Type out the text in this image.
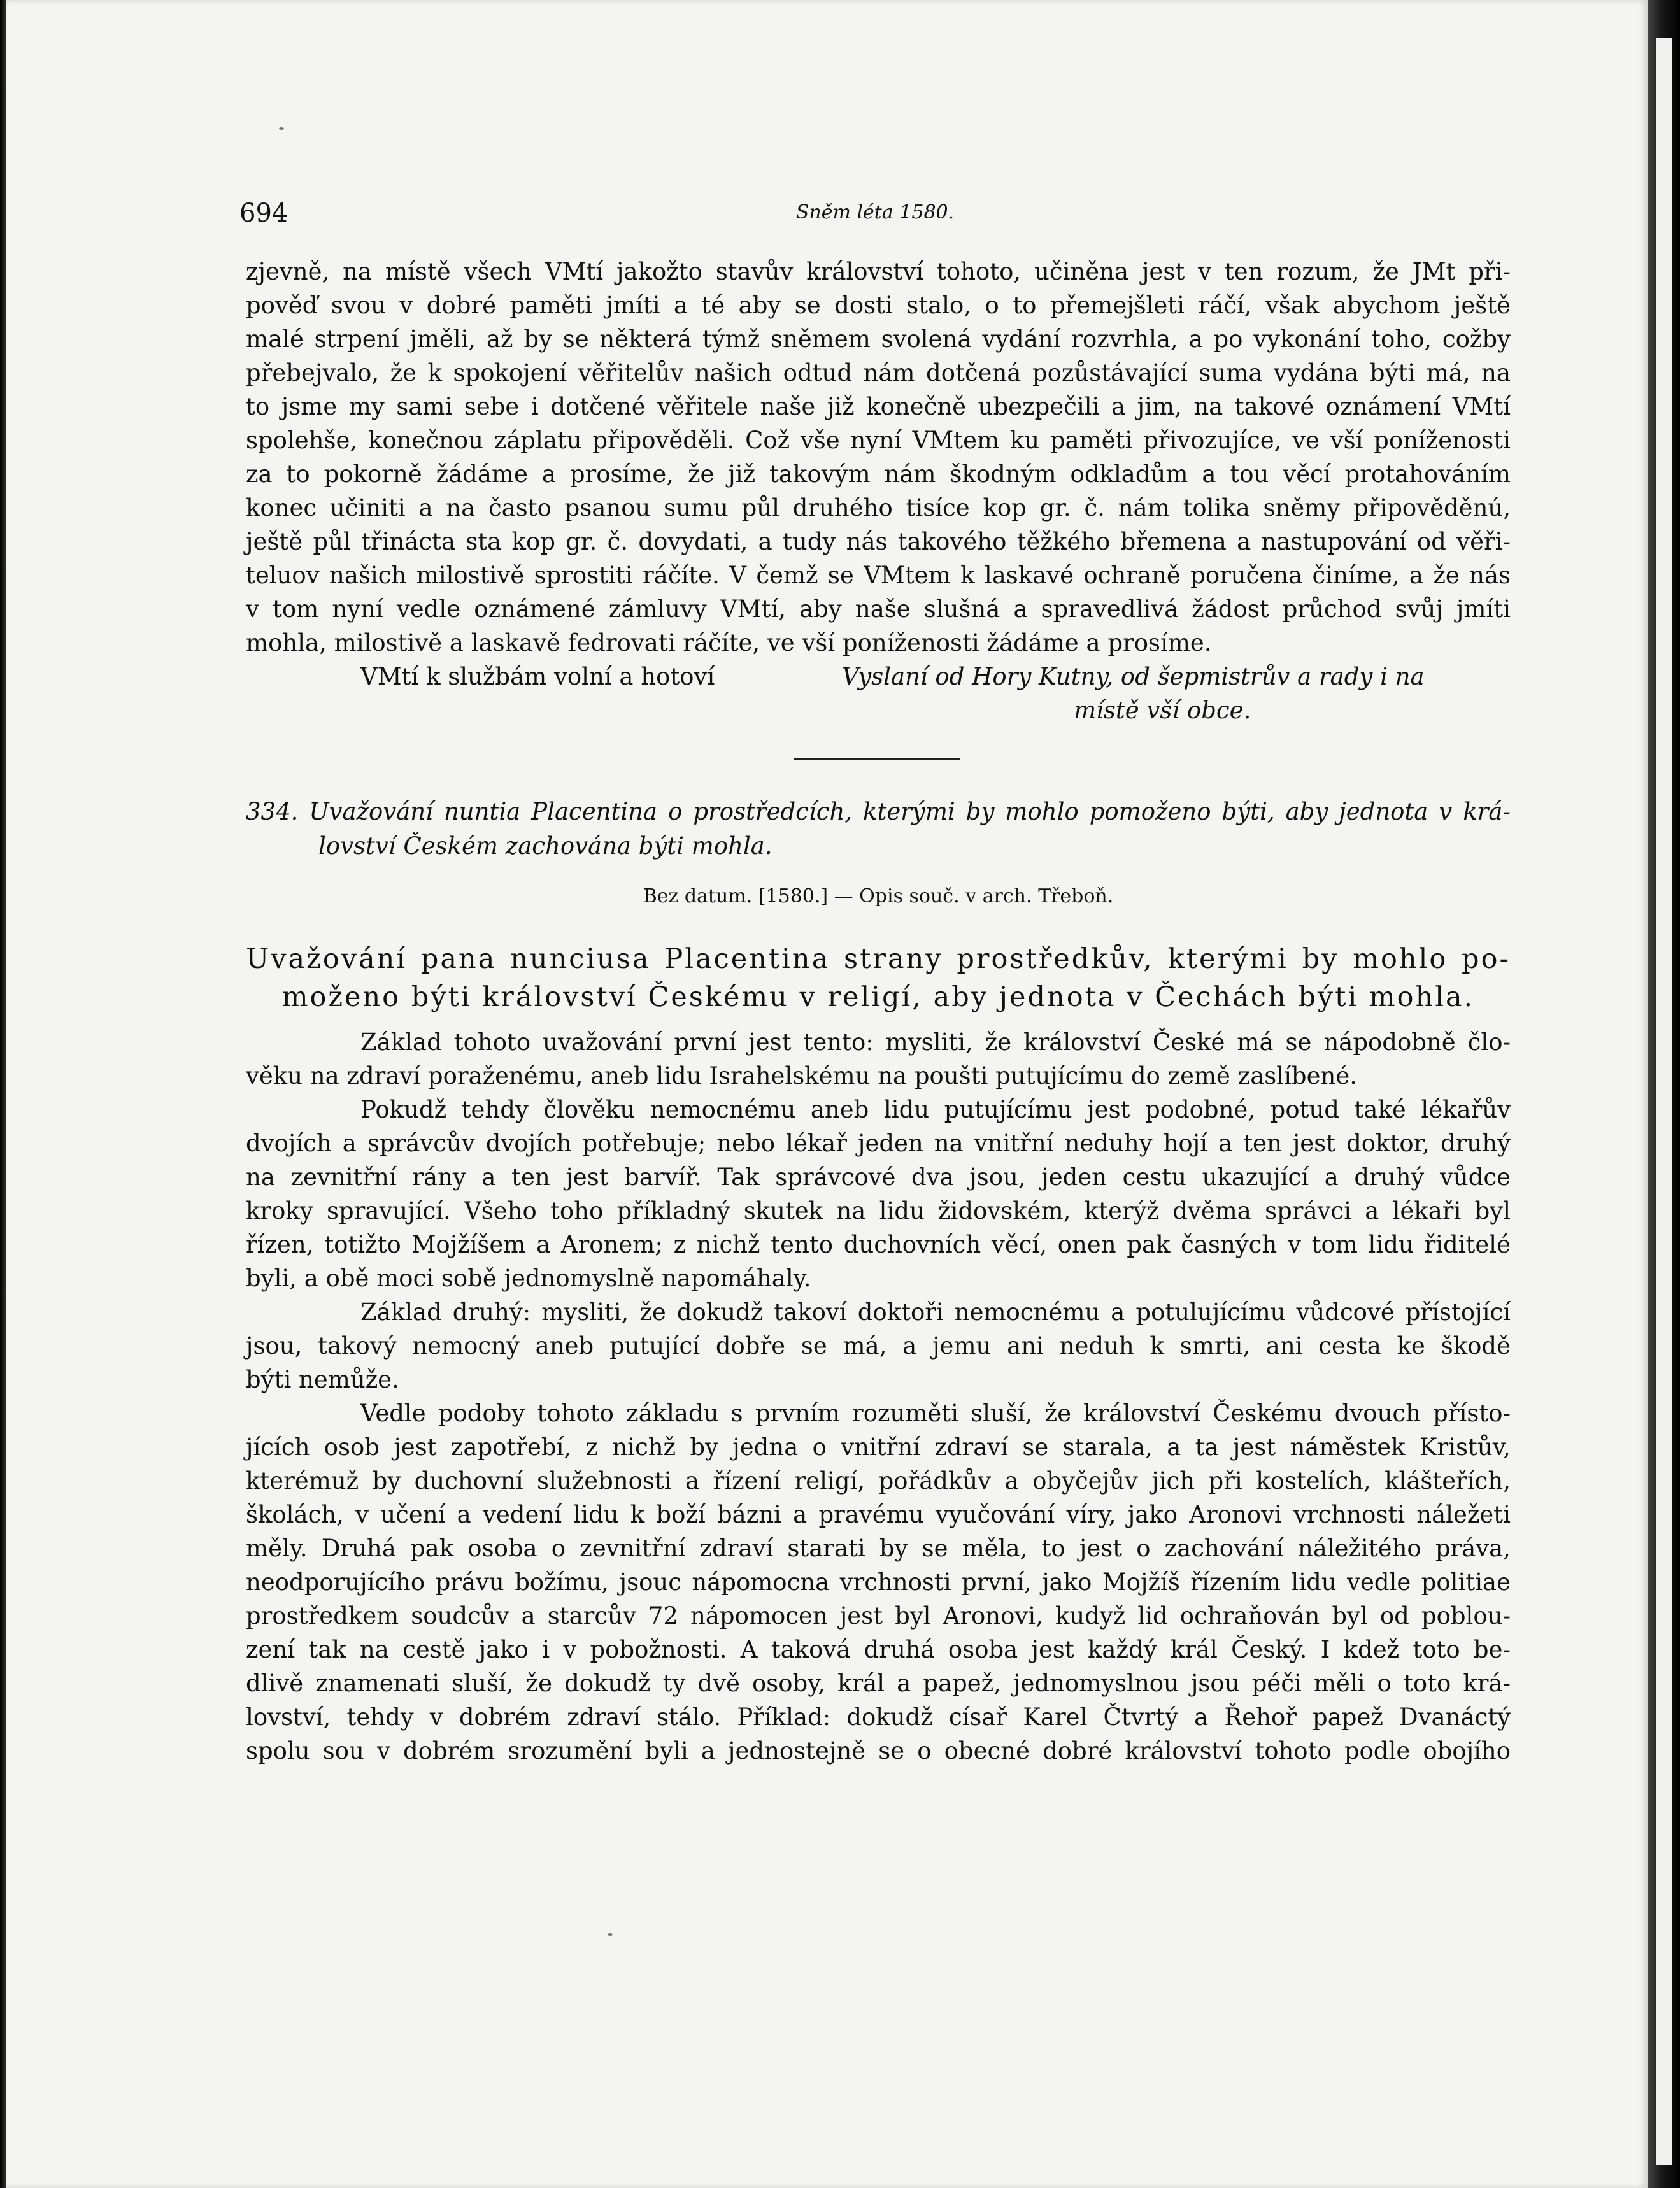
694	Sněm léta 1580.
zjevně, na místě všech VMtí jakožto stavův království tohoto, učiněna jest v ten rozum, že JMt při-
pověď svou v dobré paměti jmíti a té aby se dosti stalo, o to přemejšleti ráčí, však abychom ještě
malé strpení jměli, až by se některá týmž sněmem svolená vydání rozvrhla, a po vykonání toho, cožby
přebejvalo, že k spokojení věřitelův našich odtud nám dotčená pozůstávající suma vydána býti má, na
to jsme my sami sebe i dotčené věřitele naše již konečně ubezpečili a jim, na takové oznámení VMtí
spolehše, konečnou záplatu připověděli. Což vše nyní VMtem ku paměti přivozujíce, ve vší poníženosti
za to pokorně žádáme a prosíme, že již takovým nám škodným odkladům a tou věcí protahováním
konec učiniti a na často psanou sumu půl druhého tisíce kop gr. č. nám tolika sněmy připověděnú,
ještě půl třinácta sta kop gr. č. dovydati, a tudy nás takového těžkého břemena a nastupování od věři-
teluov našich milostivě sprostiti ráčíte. V čemž se VMtem k laskavé ochraně poručena činíme, a že nás
v tom nyní vedle oznámené zámluvy VMtí, aby naše slušná a spravedlivá žádost průchod svůj jmíti
mohla, milostivě a laskavě fedrovati ráčíte, ve vší poníženosti žádáme a prosíme.
VMtí k službám volní a hotoví	Vyslaní od Hory Kutny, od šepmistrův a rady i na
místě vší obce.
334. Uvažování nuntia Placentina o prostředcích, kterými by mohlo pomoženo býti, aby jednota v krá-
lovství Českém zachována býti mohla.
Bez datum. [1580.] — Opis souč. v arch. Třeboň.
Uvažování pana nunciusa Placentina strany prostředkův, kterými by mohlo po-
moženo býti království Českému v religí, aby jednota v Čechách býti mohla.
Základ tohoto uvažování první jest tento: mysliti, že království České má se nápodobně člo-
věku na zdraví poraženému, aneb lidu Israhelskému na poušti putujícímu do země zaslíbené.
Pokudž tehdy člověku nemocnému aneb lidu putujícímu jest podobné, potud také lékařův
dvojích a správcův dvojích potřebuje; nebo lékař jeden na vnitřní neduhy hojí a ten jest doktor, druhý
na zevnitřní rány a ten jest barvíř. Tak správcové dva jsou, jeden cestu ukazující a druhý vůdce
kroky spravující. Všeho toho příkladný skutek na lidu židovském, kterýž dvěma správci a lékaři byl
řízen, totižto Mojžíšem a Aronem; z nichž tento duchovních věcí, onen pak časných v tom lidu řiditelé
byli, a obě moci sobě jednomyslně napomáhaly.
Základ druhý: mysliti, že dokudž takoví doktoři nemocnému a potulujícímu vůdcové přístojící
jsou, takový nemocný aneb putující dobře se má, a jemu ani neduh k smrti, ani cesta ke škodě
býti nemůže.
Vedle podoby tohoto základu s prvním rozuměti sluší, že království Českému dvouch přísto-
jících osob jest zapotřebí, z nichž by jedna o vnitřní zdraví se starala, a ta jest náměstek Kristův,
kterémuž by duchovní služebnosti a řízení religí, pořádkův a obyčejův jich při kostelích, klášteřích,
školách, v učení a vedení lidu k boží bázni a pravému vyučování víry, jako Aronovi vrchnosti náležeti
měly. Druhá pak osoba o zevnitřní zdraví starati by se měla, to jest o zachování náležitého práva,
neodporujícího právu božímu, jsouc nápomocna vrchnosti první, jako Mojžíš řízením lidu vedle politiae
prostředkem soudcův a starcův 72 nápomocen jest byl Aronovi, kudyž lid ochraňován byl od poblou-
zení tak na cestě jako i v pobožnosti. A taková druhá osoba jest každý král Český. I kdež toto be-
dlivě znamenati sluší, že dokudž ty dvě osoby, král a papež, jednomyslnou jsou péči měli o toto krá-
lovství, tehdy v dobrém zdraví stálo. Příklad: dokudž císař Karel Čtvrtý a Řehoř papež Dvanáctý
spolu sou v dobrém srozumění byli a jednostejně se o obecné dobré království tohoto podle obojího
